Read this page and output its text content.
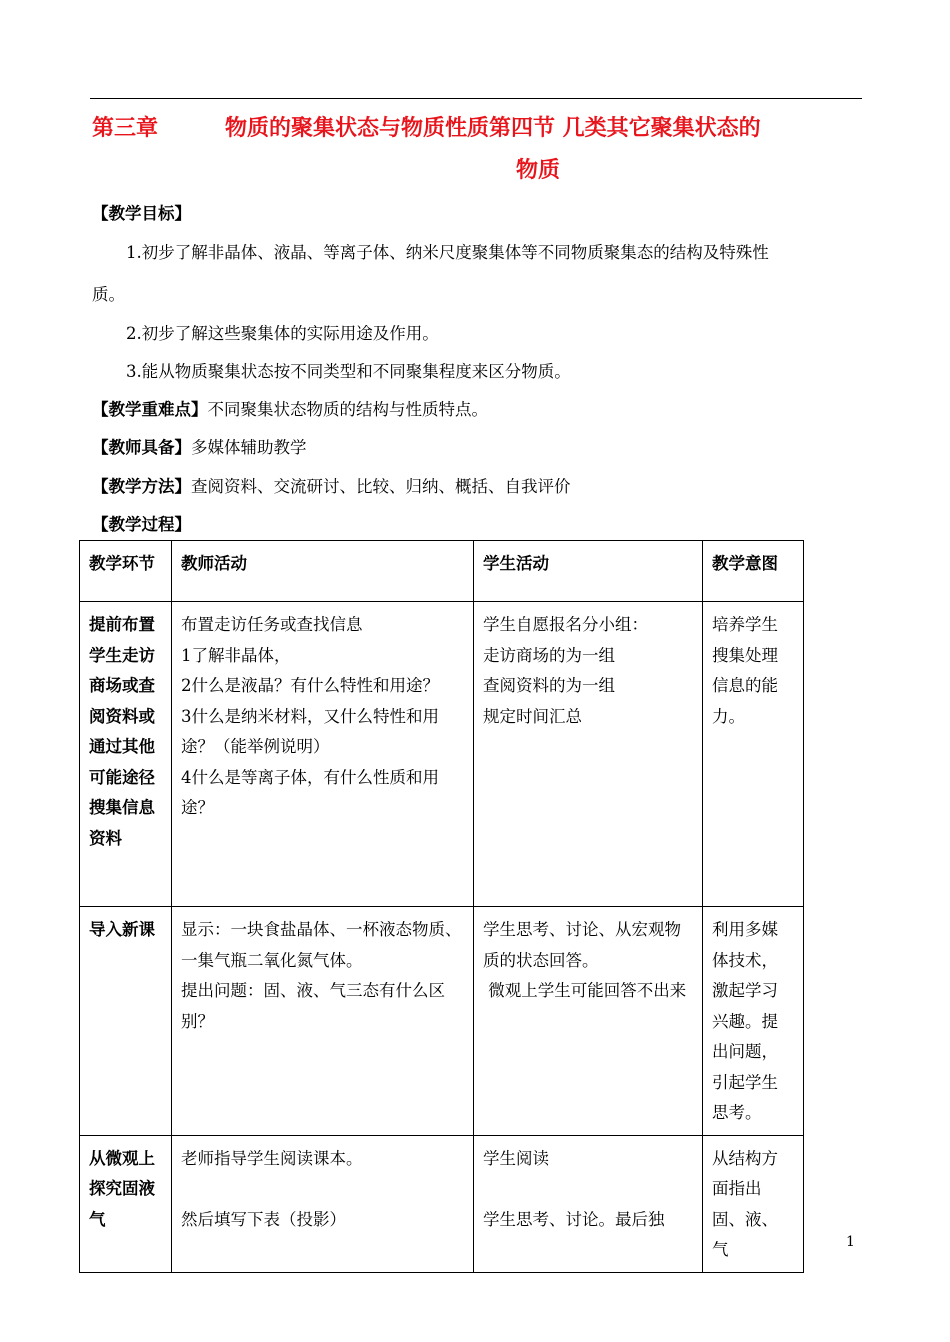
第三章	物质的聚集状态与物质性质第四节 几类其它聚集状态的
物质
【教学目标】
1.初步了解非晶体、液晶、等离子体、纳米尺度聚集体等不同物质聚集态的结构及特殊性
质。
2.初步了解这些聚集体的实际用途及作用。
3.能从物质聚集状态按不同类型和不同聚集程度来区分物质。
【教学重难点】不同聚集状态物质的结构与性质特点。
【教师具备】多媒体辅助教学
【教学方法】查阅资料、交流研讨、比较、归纳、概括、自我评价
【教学过程】
教学环节	教师活动	学生活动	教学意图
提前布置学生走访商场或查阅资料或通过其他可能途径搜集信息资料	布置走访任务或查找信息
1了解非晶体，
2什么是液晶？有什么特性和用途？
3什么是纳米材料，又什么特性和用途？（能举例说明）
4什么是等离子体，有什么性质和用途？	学生自愿报名分小组：
走访商场的为一组
查阅资料的为一组
规定时间汇总	培养学生搜集处理信息的能力。
导入新课	显示：一块食盐晶体、一杯液态物质、一集气瓶二氧化氮气体。
提出问题：固、液、气三态有什么区别？	学生思考、讨论、从宏观物质的状态回答。
微观上学生可能回答不出来	利用多媒体技术，激起学习兴趣。提出问题，引起学生思考。
从微观上探究固液气	老师指导学生阅读课本。

然后填写下表（投影）	学生阅读

学生思考、讨论。最后独	从结构方面指出固、液、气	1
